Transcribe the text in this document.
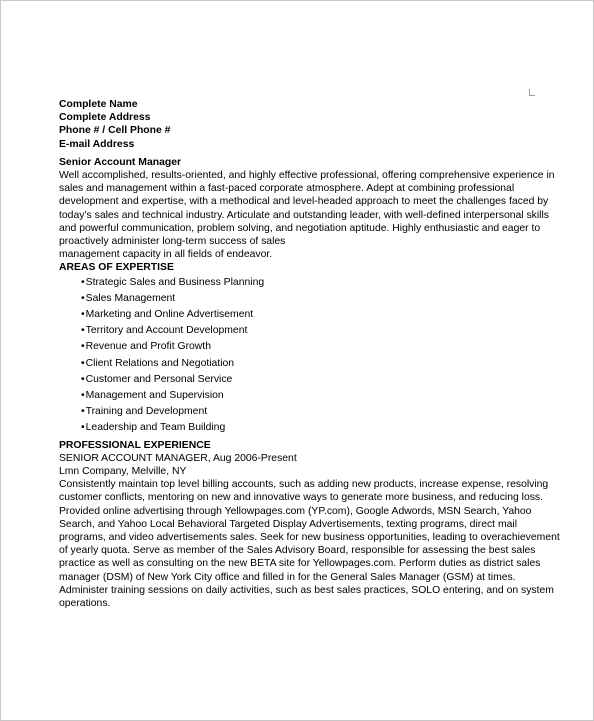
Complete Name
Complete Address
Phone # / Cell Phone #
E-mail Address
Senior Account Manager
Well accomplished, results-oriented, and highly effective professional, offering comprehensive experience in
sales and management within a fast-paced corporate atmosphere. Adept at combining professional
development and expertise, with a methodical and level-headed approach to meet the challenges faced by
today’s sales and technical industry. Articulate and outstanding leader, with well-defined interpersonal skills
and powerful communication, problem solving, and negotiation aptitude. Highly enthusiastic and eager to
proactively administer long-term success of sales
management capacity in all fields of endeavor.
AREAS OF EXPERTISE
• Strategic Sales and Business Planning
• Sales Management
• Marketing and Online Advertisement
• Territory and Account Development
• Revenue and Profit Growth
• Client Relations and Negotiation
• Customer and Personal Service
• Management and Supervision
• Training and Development
• Leadership and Team Building
PROFESSIONAL EXPERIENCE
SENIOR ACCOUNT MANAGER, Aug 2006-Present
Lmn Company, Melville, NY
Consistently maintain top level billing accounts, such as adding new products, increase expense, resolving
customer conflicts, mentoring on new and innovative ways to generate more business, and reducing loss.
Provided online advertising through Yellowpages.com (YP.com), Google Adwords, MSN Search, Yahoo
Search, and Yahoo Local Behavioral Targeted Display Advertisements, texting programs, direct mail
programs, and video advertisements sales. Seek for new business opportunities, leading to overachievement
of yearly quota. Serve as member of the Sales Advisory Board, responsible for assessing the best sales
practice as well as consulting on the new BETA site for Yellowpages.com. Perform duties as district sales
manager (DSM) of New York City office and filled in for the General Sales Manager (GSM) at times.
Administer training sessions on daily activities, such as best sales practices, SOLO entering, and on system
operations.
